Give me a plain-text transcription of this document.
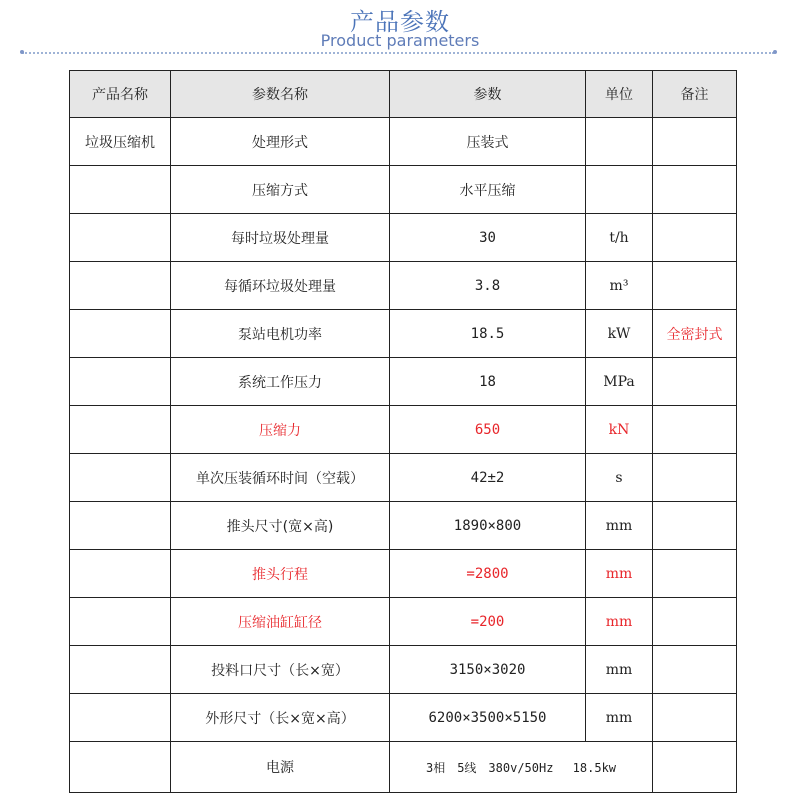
产品参数
Product parameters
产品名称	参数名称	参数	单位	备注
垃圾压缩机	处理形式	压装式		
	压缩方式	水平压缩		
	每时垃圾处理量	30	t/h	
	每循环垃圾处理量	3.8	m³	
	泵站电机功率	18.5	kW	全密封式
	系统工作压力	18	MPa	
	压缩力	650	kN	
	单次压装循环时间（空载）	42±2	s	
	推头尺寸(宽×高)	1890×800	mm	
	推头行程	=2800	mm	
	压缩油缸缸径	=200	mm	
	投料口尺寸（长×宽）	3150×3020	mm	
	外形尺寸（长×宽×高）	6200×3500×5150	mm	
	电源	3相　5线　380v/50Hz　 18.5kw		
